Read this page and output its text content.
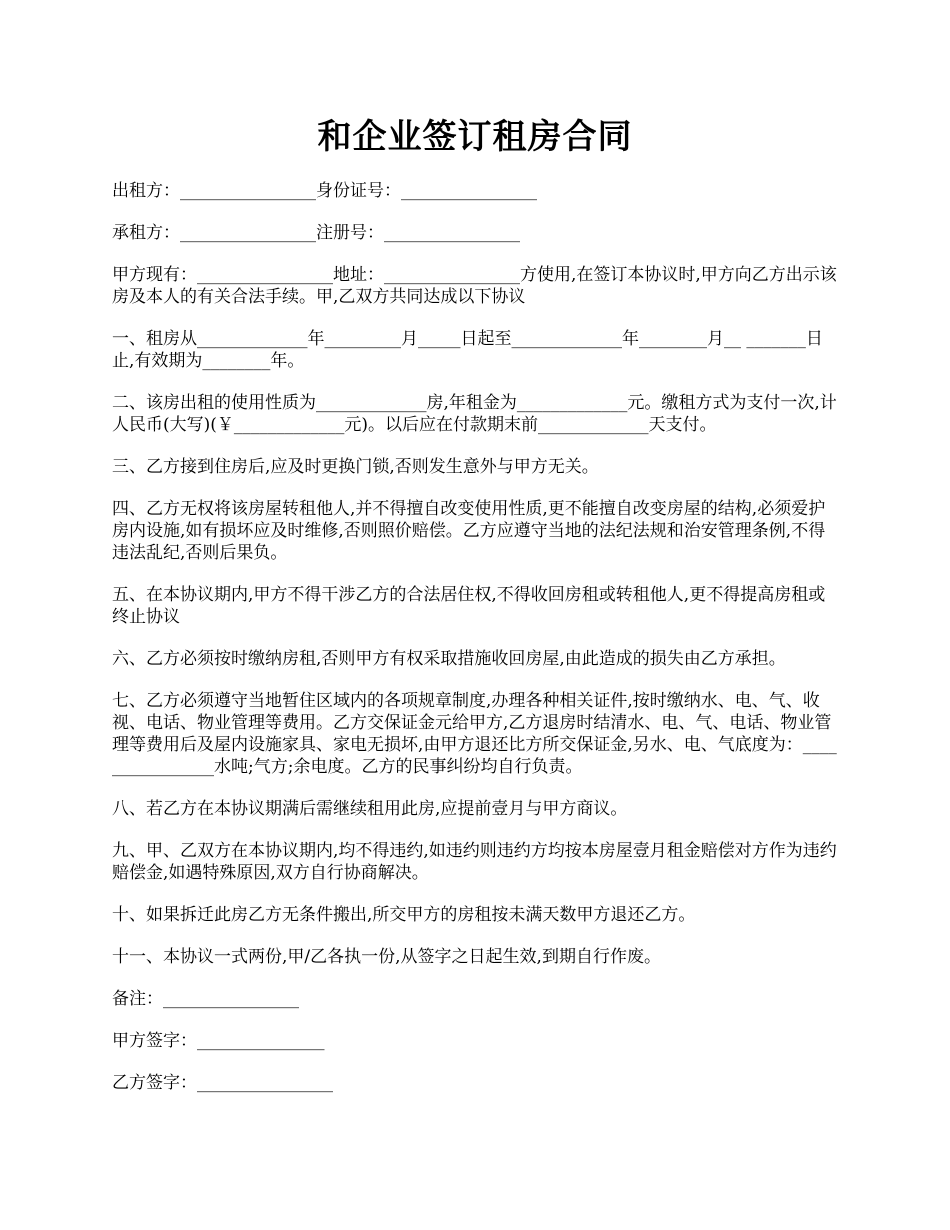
和企业签订租房合同

出租方：________________身份证号：________________

承租方：________________注册号：________________

甲方现有：________________地址：________________方使用,在签订本协议时,甲方向乙方出示该房及本人的有关合法手续。甲,乙双方共同达成以下协议

一、租房从_____________年_________月_____日起至_____________年________月__ _______日止,有效期为________年。

二、该房出租的使用性质为_____________房,年租金为_____________元。缴租方式为支付一次,计人民币(大写)(￥_____________元)。以后应在付款期末前_____________天支付。

三、乙方接到住房后,应及时更换门锁,否则发生意外与甲方无关。

四、乙方无权将该房屋转租他人,并不得擅自改变使用性质,更不能擅自改变房屋的结构,必须爱护房内设施,如有损坏应及时维修,否则照价赔偿。乙方应遵守当地的法纪法规和治安管理条例,不得违法乱纪,否则后果负。

五、在本协议期内,甲方不得干涉乙方的合法居住权,不得收回房租或转租他人,更不得提高房租或终止协议

六、乙方必须按时缴纳房租,否则甲方有权采取措施收回房屋,由此造成的损失由乙方承担。

七、乙方必须遵守当地暂住区域内的各项规章制度,办理各种相关证件,按时缴纳水、电、气、收视、电话、物业管理等费用。乙方交保证金元给甲方,乙方退房时结清水、电、气、电话、物业管理等费用后及屋内设施家具、家电无损坏,由甲方退还比方所交保证金,另水、电、气底度为：________________水吨;气方;余电度。乙方的民事纠纷均自行负责。

八、若乙方在本协议期满后需继续租用此房,应提前壹月与甲方商议。

九、甲、乙双方在本协议期内,均不得违约,如违约则违约方均按本房屋壹月租金赔偿对方作为违约赔偿金,如遇特殊原因,双方自行协商解决。

十、如果拆迁此房乙方无条件搬出,所交甲方的房租按未满天数甲方退还乙方。

十一、本协议一式两份,甲/乙各执一份,从签字之日起生效,到期自行作废。

备注：________________

甲方签字：_______________

乙方签字：________________
